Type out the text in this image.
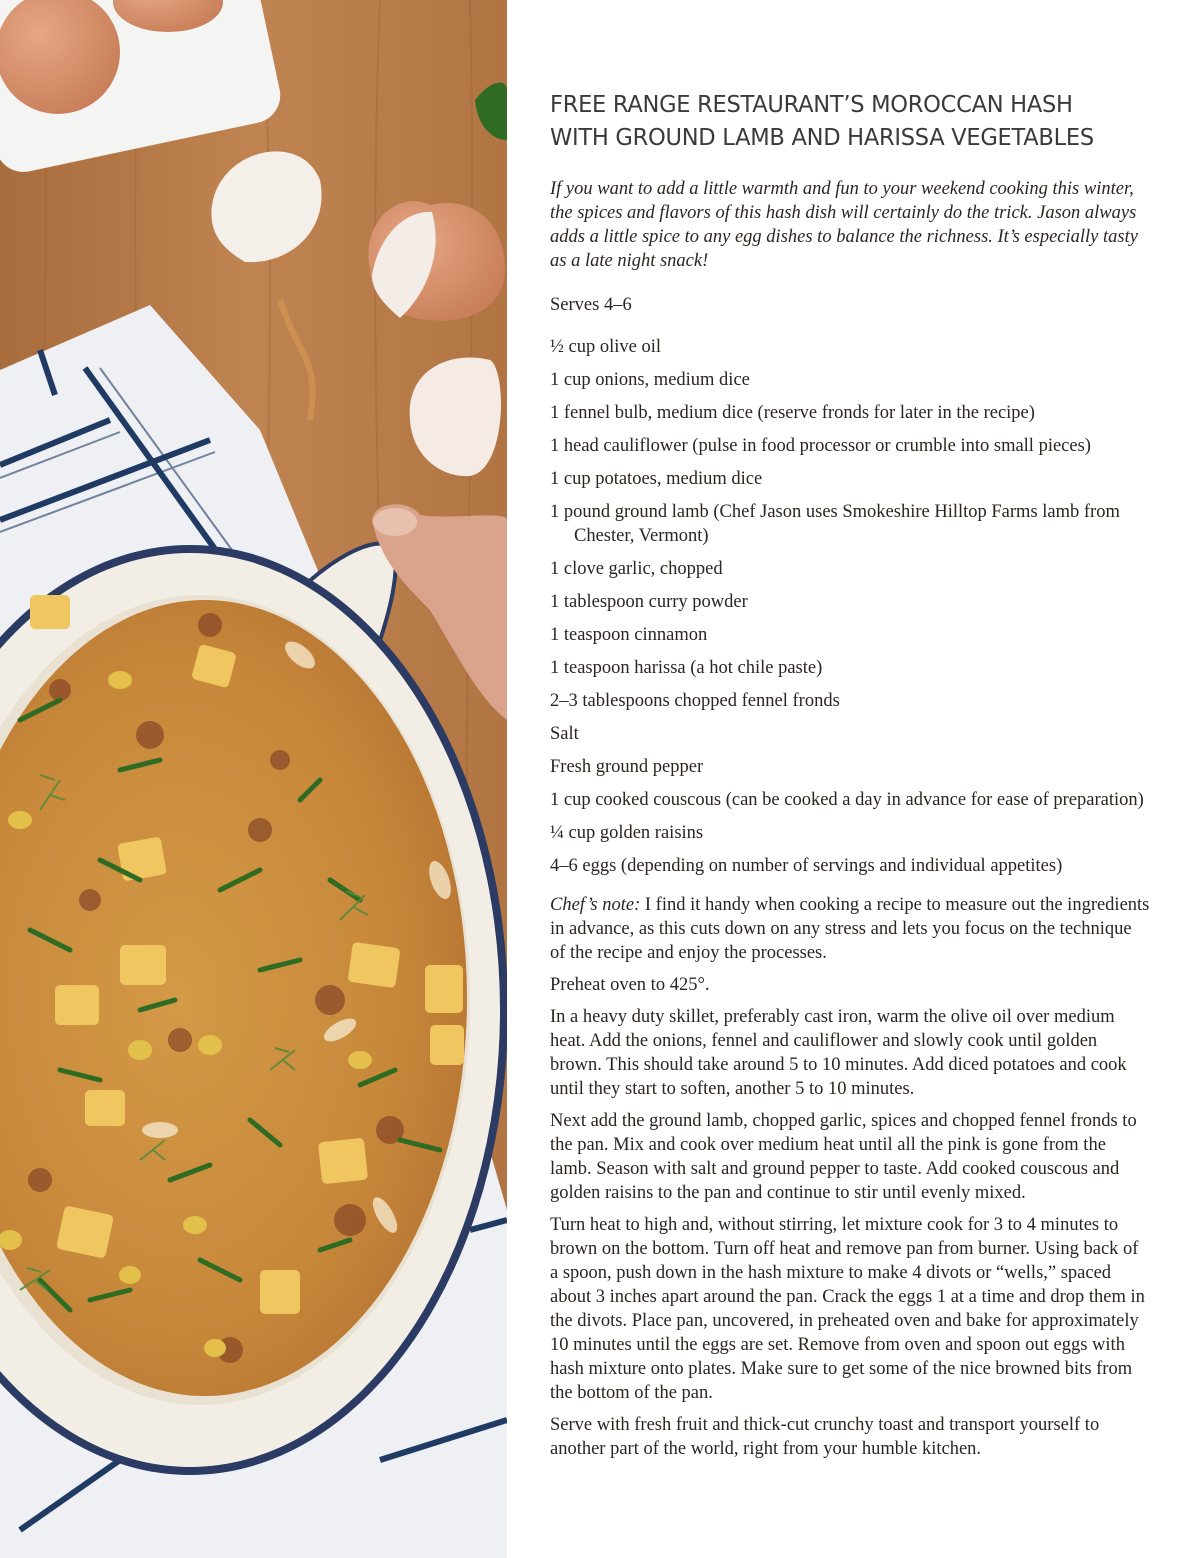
FREE RANGE RESTAURANT’S MOROCCAN HASH
WITH GROUND LAMB AND HARISSA VEGETABLES

If you want to add a little warmth and fun to your weekend cooking this winter, the spices and flavors of this hash dish will certainly do the trick. Jason always adds a little spice to any egg dishes to balance the richness. It’s especially tasty as a late night snack!

Serves 4–6

½ cup olive oil
1 cup onions, medium dice
1 fennel bulb, medium dice (reserve fronds for later in the recipe)
1 head cauliflower (pulse in food processor or crumble into small pieces)
1 cup potatoes, medium dice
1 pound ground lamb (Chef Jason uses Smokeshire Hilltop Farms lamb from Chester, Vermont)
1 clove garlic, chopped
1 tablespoon curry powder
1 teaspoon cinnamon
1 teaspoon harissa (a hot chile paste)
2–3 tablespoons chopped fennel fronds
Salt
Fresh ground pepper
1 cup cooked couscous (can be cooked a day in advance for ease of preparation)
¼ cup golden raisins
4–6 eggs (depending on number of servings and individual appetites)

Chef’s note: I find it handy when cooking a recipe to measure out the ingredients in advance, as this cuts down on any stress and lets you focus on the technique of the recipe and enjoy the processes.

Preheat oven to 425°.

In a heavy duty skillet, preferably cast iron, warm the olive oil over medium heat. Add the onions, fennel and cauliflower and slowly cook until golden brown. This should take around 5 to 10 minutes. Add diced potatoes and cook until they start to soften, another 5 to 10 minutes.

Next add the ground lamb, chopped garlic, spices and chopped fennel fronds to the pan. Mix and cook over medium heat until all the pink is gone from the lamb. Season with salt and ground pepper to taste. Add cooked couscous and golden raisins to the pan and continue to stir until evenly mixed.

Turn heat to high and, without stirring, let mixture cook for 3 to 4 minutes to brown on the bottom. Turn off heat and remove pan from burner. Using back of a spoon, push down in the hash mixture to make 4 divots or “wells,” spaced about 3 inches apart around the pan. Crack the eggs 1 at a time and drop them in the divots. Place pan, uncovered, in preheated oven and bake for approximately 10 minutes until the eggs are set. Remove from oven and spoon out eggs with hash mixture onto plates. Make sure to get some of the nice browned bits from the bottom of the pan.

Serve with fresh fruit and thick-cut crunchy toast and transport yourself to another part of the world, right from your humble kitchen.
